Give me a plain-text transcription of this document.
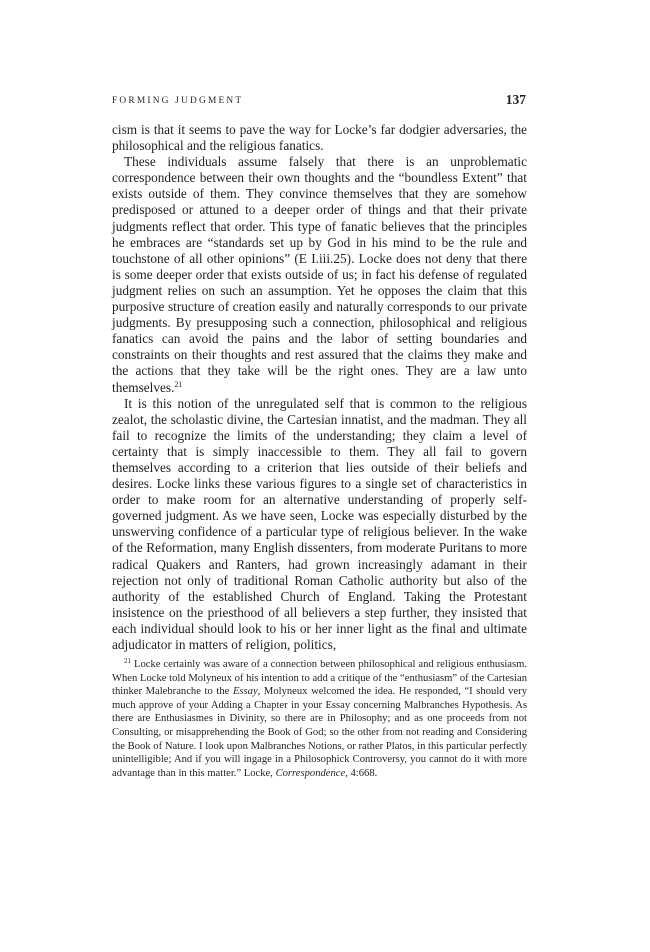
FORMING JUDGMENT	137

cism is that it seems to pave the way for Locke’s far dodgier adversaries, the philosophical and the religious fanatics.

These individuals assume falsely that there is an unproblematic correspondence between their own thoughts and the “boundless Extent” that exists outside of them. They convince themselves that they are somehow predisposed or attuned to a deeper order of things and that their private judgments reflect that order. This type of fanatic believes that the principles he embraces are “standards set up by God in his mind to be the rule and touchstone of all other opinions” (E I.iii.25). Locke does not deny that there is some deeper order that exists outside of us; in fact his defense of regulated judgment relies on such an assumption. Yet he opposes the claim that this purposive structure of creation easily and naturally corresponds to our private judgments. By presupposing such a connection, philosophical and religious fanatics can avoid the pains and the labor of setting boundaries and constraints on their thoughts and rest assured that the claims they make and the actions that they take will be the right ones. They are a law unto themselves.$^{21}$

It is this notion of the unregulated self that is common to the religious zealot, the scholastic divine, the Cartesian innatist, and the madman. They all fail to recognize the limits of the understanding; they claim a level of certainty that is simply inaccessible to them. They all fail to govern themselves according to a criterion that lies outside of their beliefs and desires. Locke links these various figures to a single set of characteristics in order to make room for an alternative understanding of properly self-governed judgment. As we have seen, Locke was especially disturbed by the unswerving confidence of a particular type of religious believer. In the wake of the Reformation, many English dissenters, from moderate Puritans to more radical Quakers and Ranters, had grown increasingly adamant in their rejection not only of traditional Roman Catholic authority but also of the authority of the established Church of England. Taking the Protestant insistence on the priesthood of all believers a step further, they insisted that each individual should look to his or her inner light as the final and ultimate adjudicator in matters of religion, politics,

$^{21}$ Locke certainly was aware of a connection between philosophical and religious enthusiasm. When Locke told Molyneux of his intention to add a critique of the “enthusiasm” of the Cartesian thinker Malebranche to the Essay, Molyneux welcomed the idea. He responded, “I should very much approve of your Adding a Chapter in your Essay concerning Malbranches Hypothesis. As there are Enthusiasmes in Divinity, so there are in Philosophy; and as one proceeds from not Consulting, or misapprehending the Book of God; so the other from not reading and Considering the Book of Nature. I look upon Malbranches Notions, or rather Platos, in this particular perfectly unintelligible; And if you will ingage in a Philosophick Controversy, you cannot do it with more advantage than in this matter.” Locke, Correspondence, 4:668.
